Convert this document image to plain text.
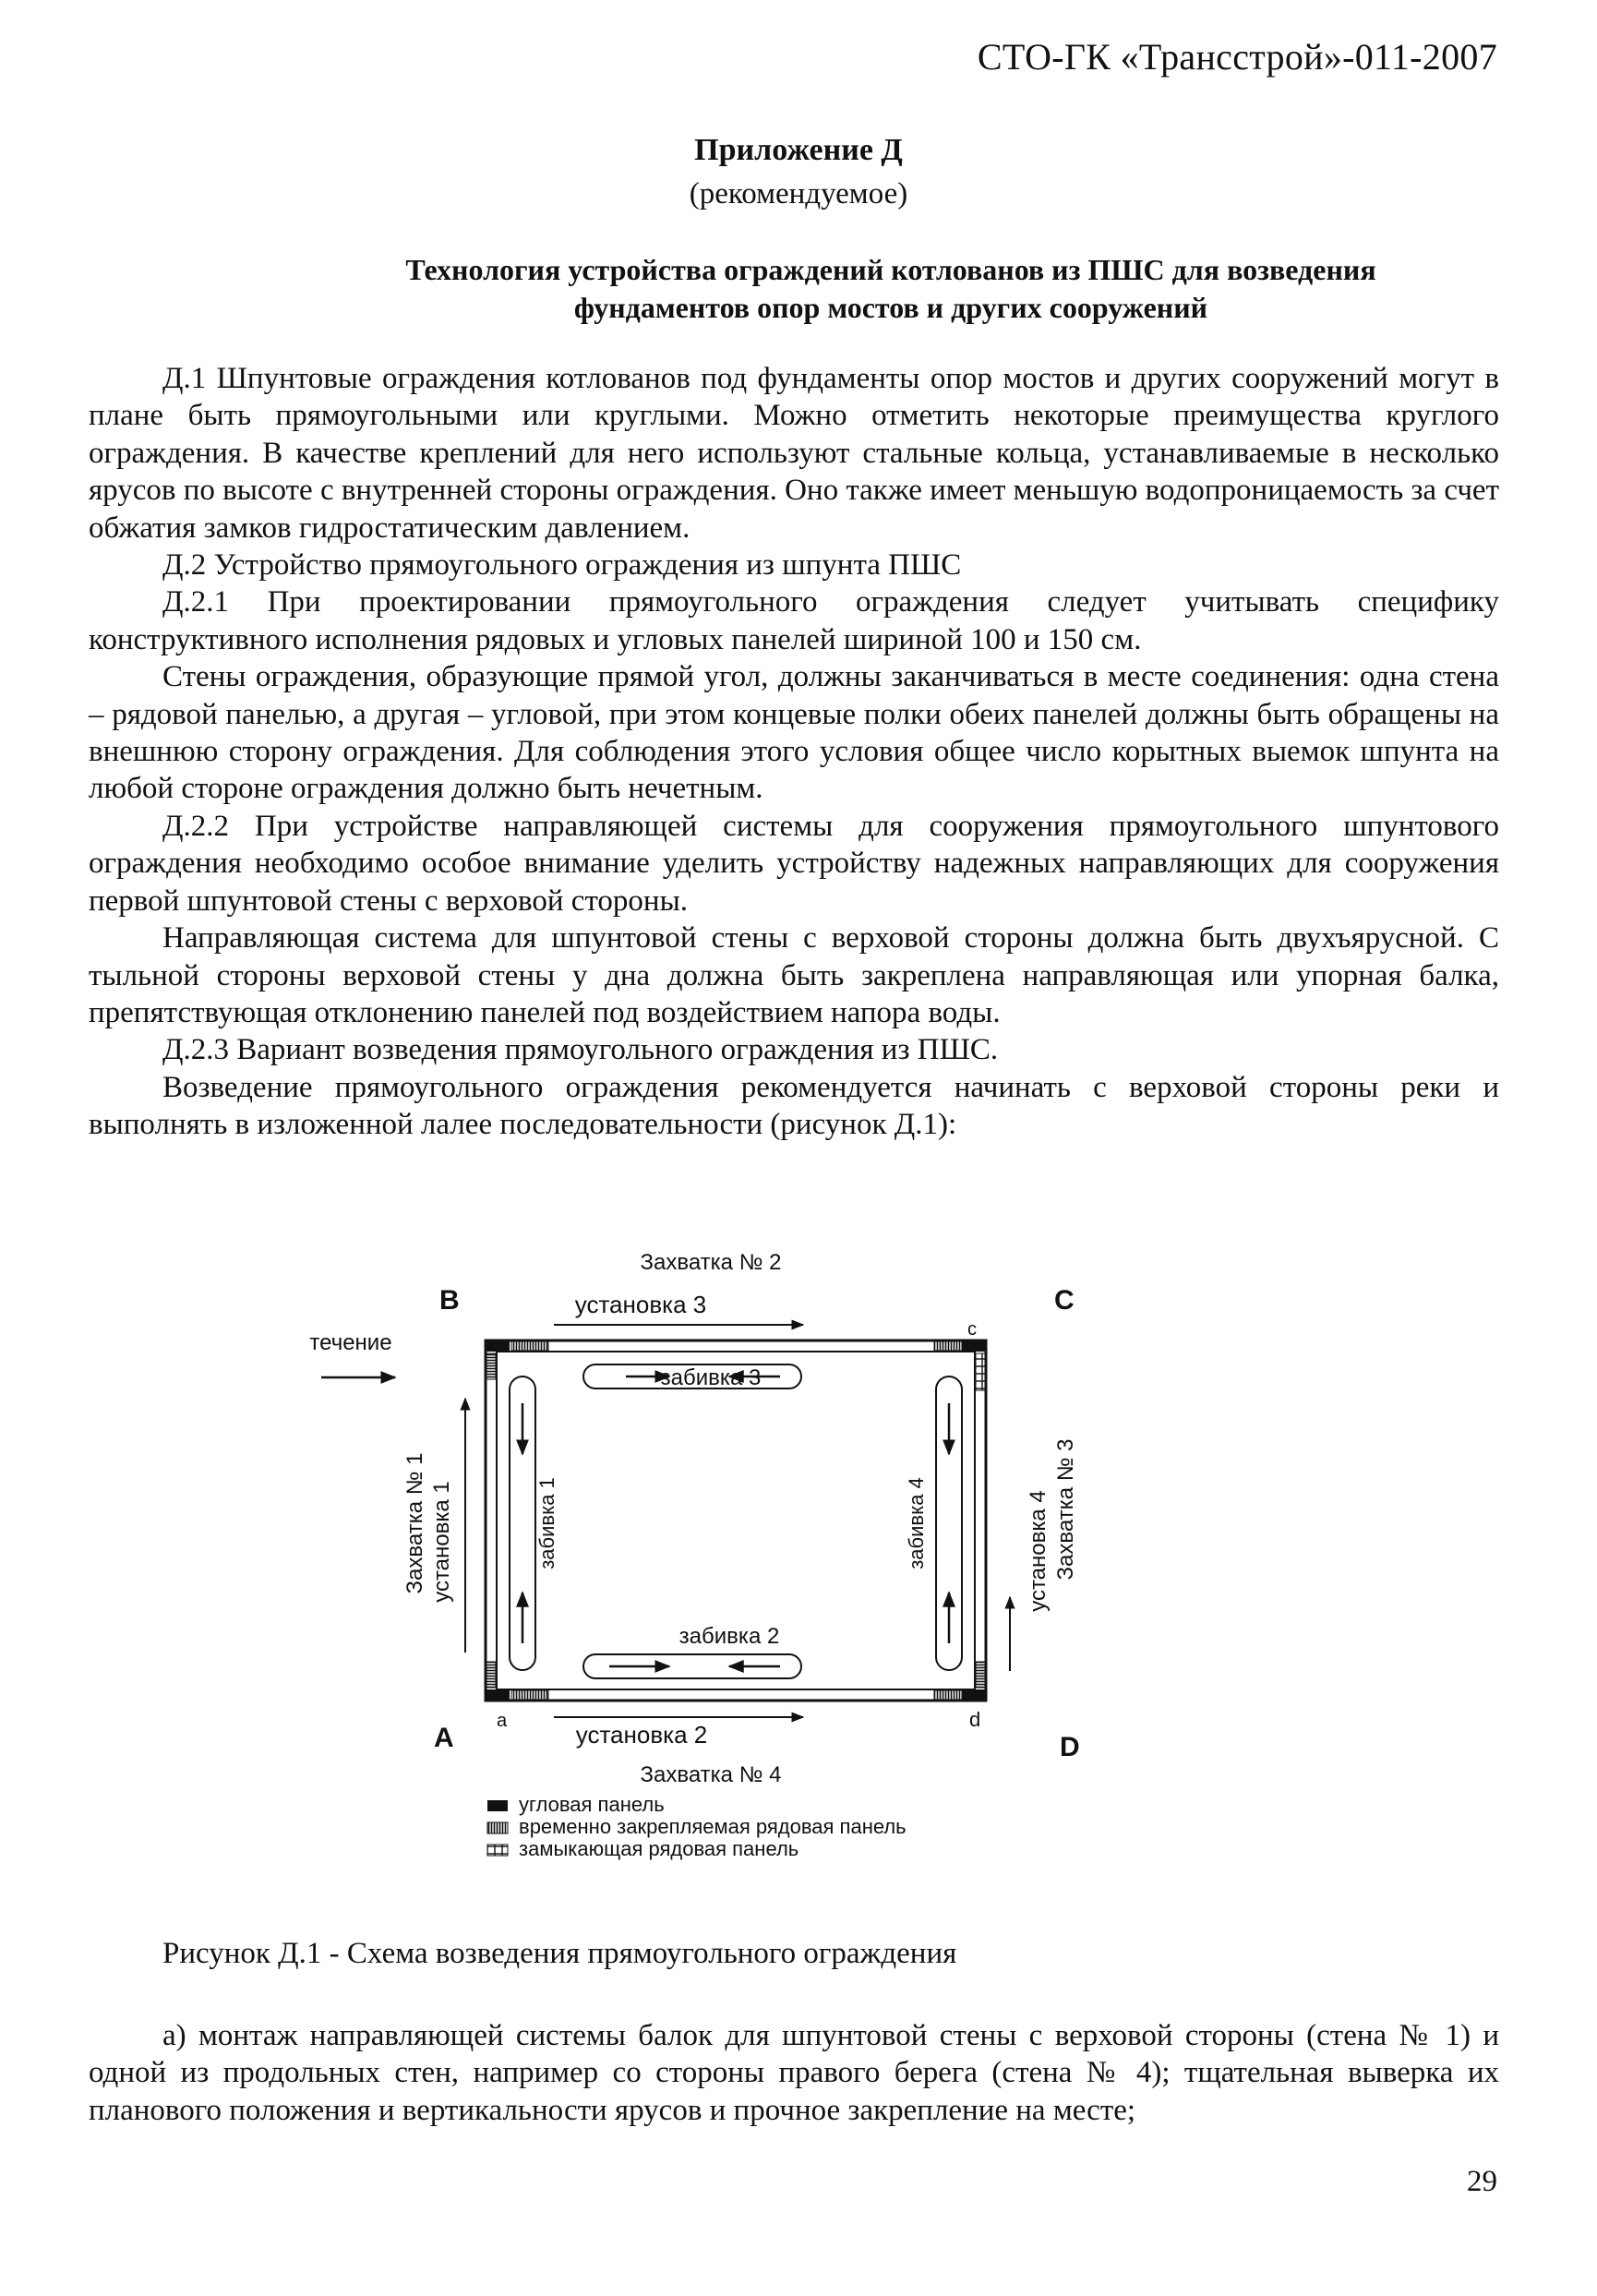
СТО-ГК «Трансстрой»-011-2007
Приложение Д
(рекомендуемое)
Технология устройства ограждений котлованов из ПШС для возведения
фундаментов опор мостов и других сооружений

Д.1 Шпунтовые ограждения котлованов под фундаменты опор мостов и других сооружений могут в плане быть прямоугольными или круглыми. Можно отметить некоторые преимущества круглого ограждения. В качестве креплений для него используют стальные кольца, устанавливаемые в несколько ярусов по высоте с внутренней стороны ограждения. Оно также имеет меньшую водопроницаемость за счет обжатия замков гидростатическим давлением.

Д.2 Устройство прямоугольного ограждения из шпунта ПШС

Д.2.1 При проектировании прямоугольного ограждения следует учитывать специфику конструктивного исполнения рядовых и угловых панелей шириной 100 и 150 см.

Стены ограждения, образующие прямой угол, должны заканчиваться в месте соединения: одна стена – рядовой панелью, а другая – угловой, при этом концевые полки обеих панелей должны быть обращены на внешнюю сторону ограждения. Для соблюдения этого условия общее число корытных выемок шпунта на любой стороне ограждения должно быть нечетным.

Д.2.2 При устройстве направляющей системы для сооружения прямоугольного шпунтового ограждения необходимо особое внимание уделить устройству надежных направляющих для сооружения первой шпунтовой стены с верховой стороны.

Направляющая система для шпунтовой стены с верховой стороны должна быть двухъярусной. С тыльной стороны верховой стены у дна должна быть закреплена направляющая или упорная балка, препятствующая отклонению панелей под воздействием напора воды.

Д.2.3 Вариант возведения прямоугольного ограждения из ПШС.

Возведение прямоугольного ограждения рекомендуется начинать с верховой стороны реки и выполнять в изложенной лалее последовательности (рисунок Д.1):

B	C
A	D
a
c
d
Захватка № 2
Захватка № 4
установка 3
установка 2
забивка 3
забивка 2
течение
Захватка № 1 установка 1	забивка 1	забивка 4	установка 4 Захватка № 3
угловая панель
временно закрепляемая рядовая панель
замыкающая рядовая панель
Рисунок Д.1 - Схема возведения прямоугольного ограждения

а) монтаж направляющей системы балок для шпунтовой стены с верховой стороны (стена № 1) и одной из продольных стен, например со стороны правого берега (стена № 4); тщательная выверка их планового положения и вертикальности ярусов и прочное закрепление на месте;

29
